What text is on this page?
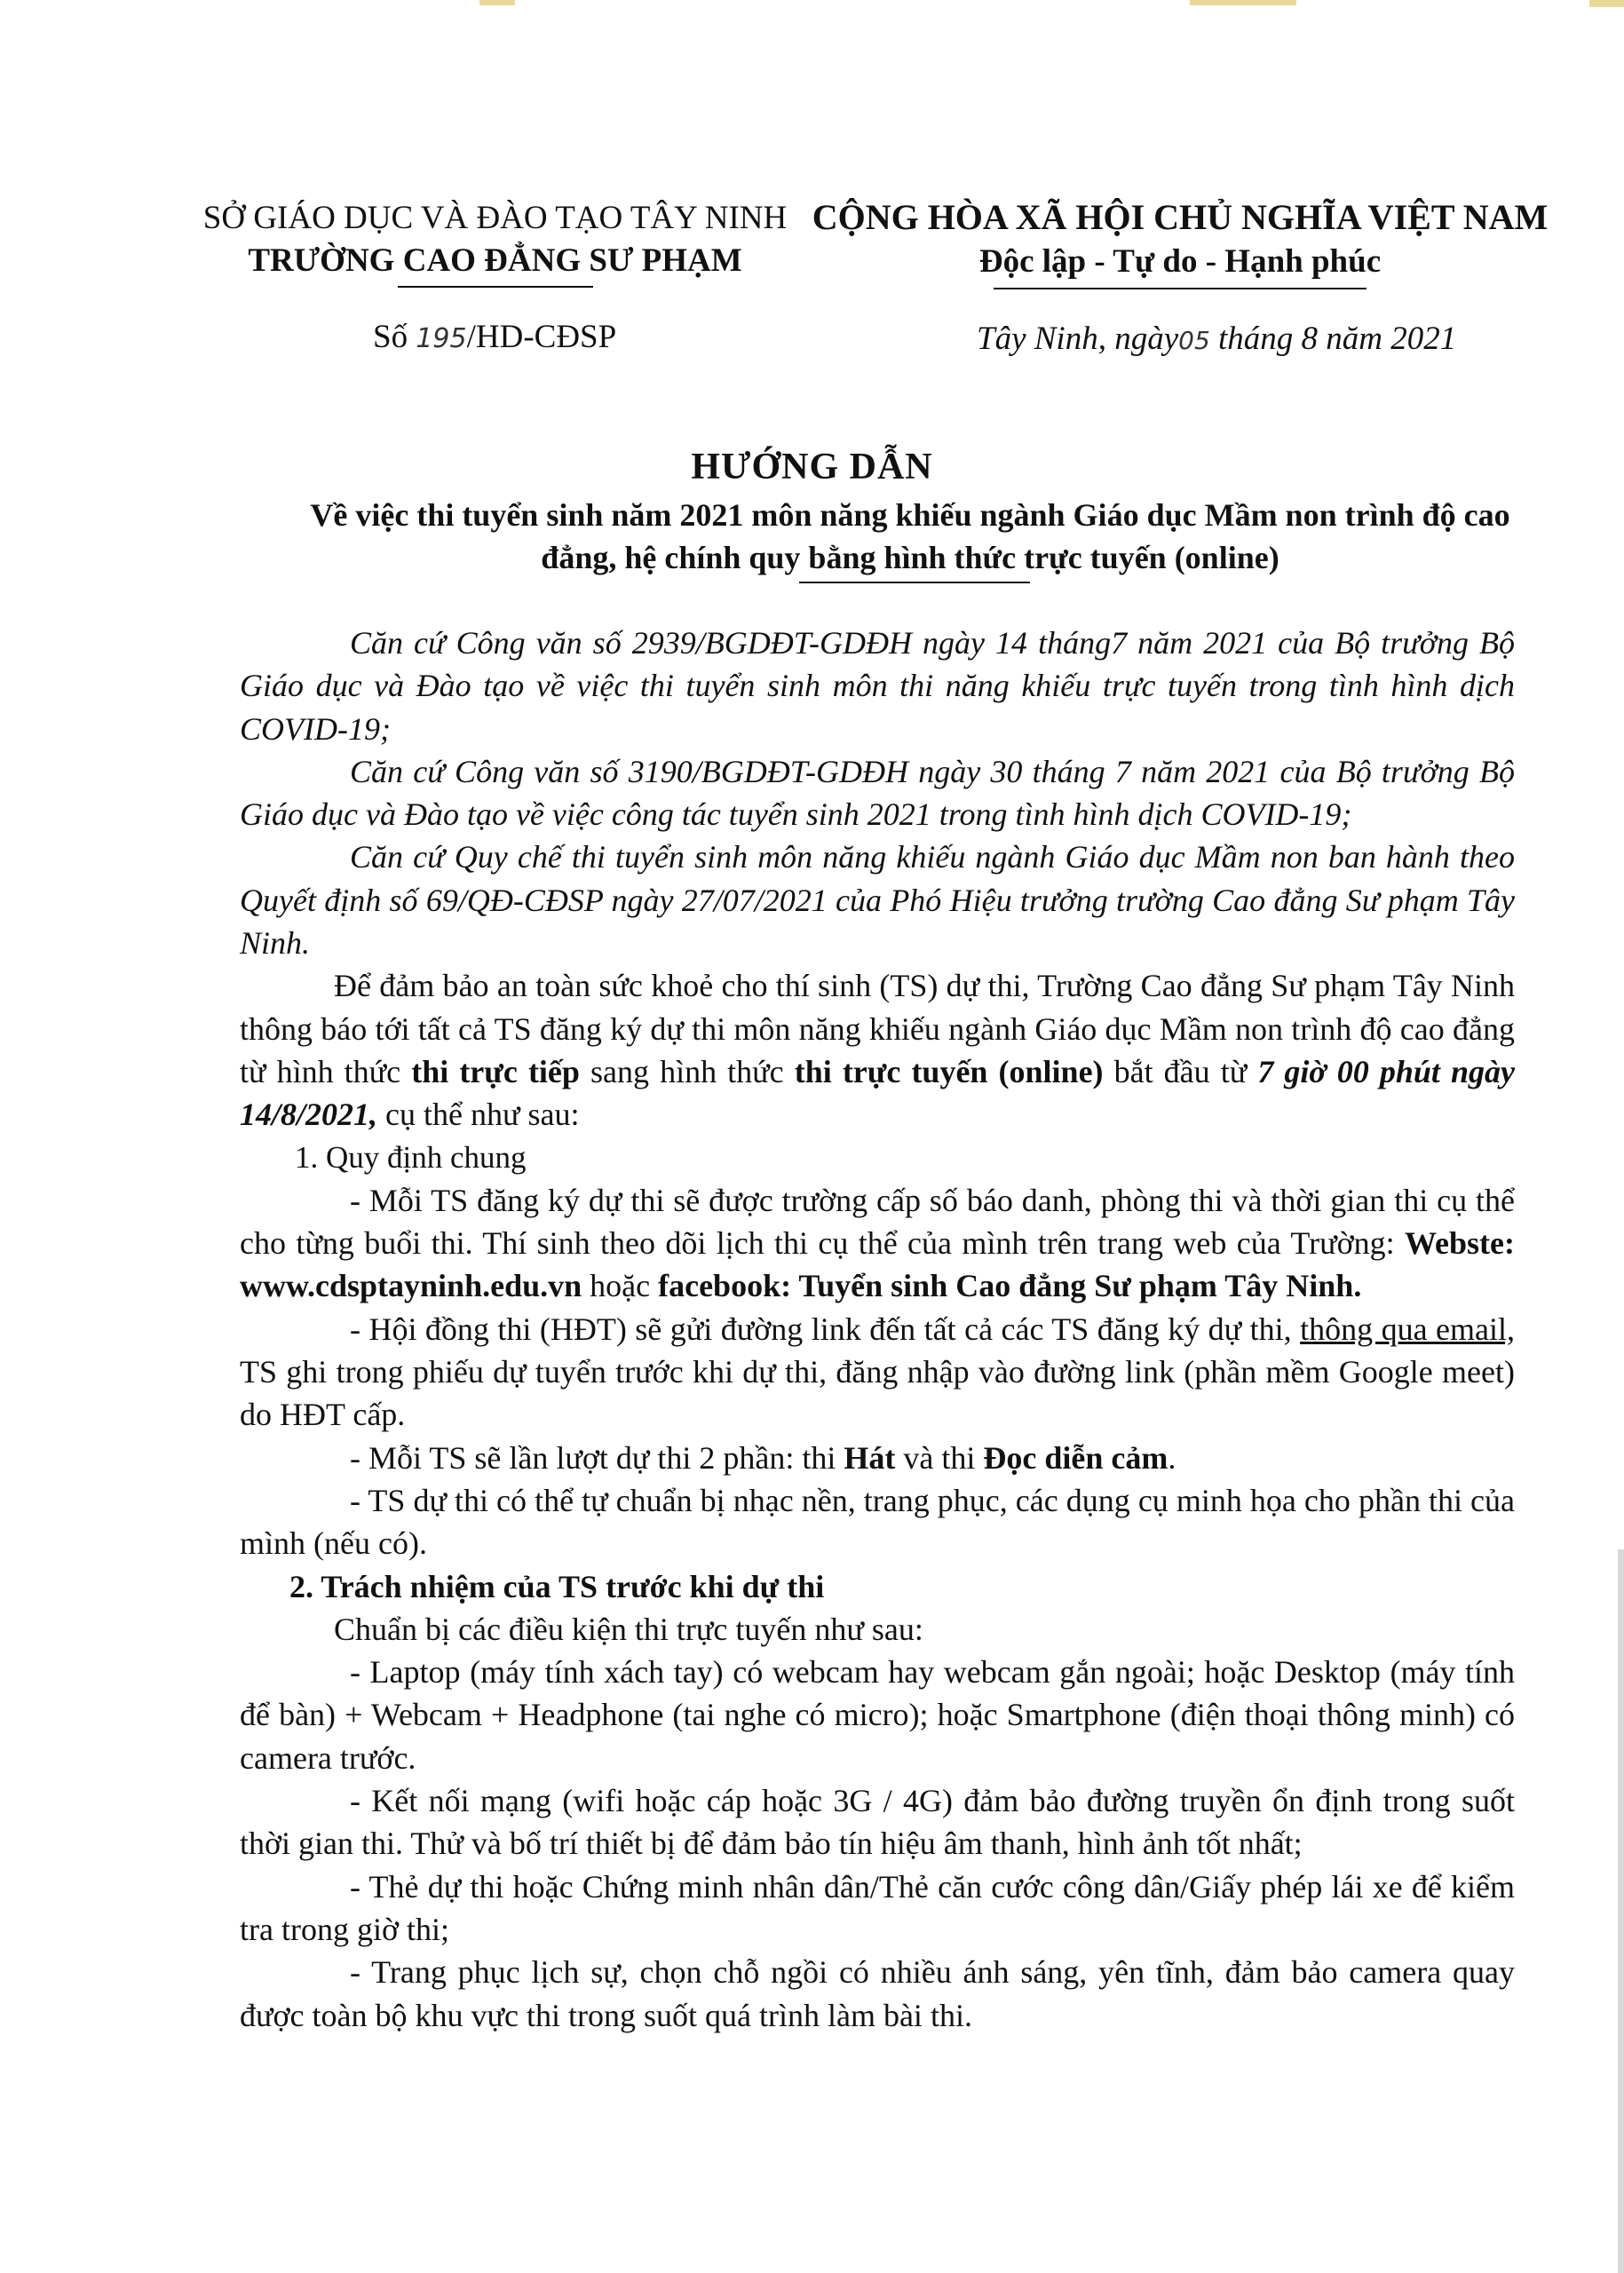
SỞ GIÁO DỤC VÀ ĐÀO TẠO TÂY NINH
TRƯỜNG CAO ĐẲNG SƯ PHẠM
CỘNG HÒA XÃ HỘI CHỦ NGHĨA VIỆT NAM
Độc lập - Tự do - Hạnh phúc
Số 195/HD-CĐSP	Tây Ninh, ngày05 tháng 8 năm 2021
HƯỚNG DẪN
Về việc thi tuyển sinh năm 2021 môn năng khiếu ngành Giáo dục Mầm non trình độ cao đẳng, hệ chính quy bằng hình thức trực tuyến (online)

Căn cứ Công văn số 2939/BGDĐT-GDĐH ngày 14 tháng7 năm 2021 của Bộ trưởng Bộ Giáo dục và Đào tạo về việc thi tuyển sinh môn thi năng khiếu trực tuyến trong tình hình dịch COVID-19;

Căn cứ Công văn số 3190/BGDĐT-GDĐH ngày 30 tháng 7 năm 2021 của Bộ trưởng Bộ Giáo dục và Đào tạo về việc công tác tuyển sinh 2021 trong tình hình dịch COVID-19;

Căn cứ Quy chế thi tuyển sinh môn năng khiếu ngành Giáo dục Mầm non ban hành theo Quyết định số 69/QĐ-CĐSP ngày 27/07/2021 của Phó Hiệu trưởng trường Cao đẳng Sư phạm Tây Ninh.

Để đảm bảo an toàn sức khoẻ cho thí sinh (TS) dự thi, Trường Cao đẳng Sư phạm Tây Ninh thông báo tới tất cả TS đăng ký dự thi môn năng khiếu ngành Giáo dục Mầm non trình độ cao đẳng từ hình thức thi trực tiếp sang hình thức thi trực tuyến (online) bắt đầu từ 7 giờ 00 phút ngày 14/8/2021, cụ thể như sau:

1. Quy định chung

- Mỗi TS đăng ký dự thi sẽ được trường cấp số báo danh, phòng thi và thời gian thi cụ thể cho từng buổi thi. Thí sinh theo dõi lịch thi cụ thể của mình trên trang web của Trường: Webste: www.cdsptayninh.edu.vn hoặc facebook: Tuyển sinh Cao đẳng Sư phạm Tây Ninh.

- Hội đồng thi (HĐT) sẽ gửi đường link đến tất cả các TS đăng ký dự thi, thông qua email, TS ghi trong phiếu dự tuyển trước khi dự thi, đăng nhập vào đường link (phần mềm Google meet) do HĐT cấp.

- Mỗi TS sẽ lần lượt dự thi 2 phần: thi Hát và thi Đọc diễn cảm.

- TS dự thi có thể tự chuẩn bị nhạc nền, trang phục, các dụng cụ minh họa cho phần thi của mình (nếu có).

2. Trách nhiệm của TS trước khi dự thi

Chuẩn bị các điều kiện thi trực tuyến như sau:

- Laptop (máy tính xách tay) có webcam hay webcam gắn ngoài; hoặc Desktop (máy tính để bàn) + Webcam + Headphone (tai nghe có micro); hoặc Smartphone (điện thoại thông minh) có camera trước.

- Kết nối mạng (wifi hoặc cáp hoặc 3G / 4G) đảm bảo đường truyền ổn định trong suốt thời gian thi. Thử và bố trí thiết bị để đảm bảo tín hiệu âm thanh, hình ảnh tốt nhất;

- Thẻ dự thi hoặc Chứng minh nhân dân/Thẻ căn cước công dân/Giấy phép lái xe để kiểm tra trong giờ thi;

- Trang phục lịch sự, chọn chỗ ngồi có nhiều ánh sáng, yên tĩnh, đảm bảo camera quay được toàn bộ khu vực thi trong suốt quá trình làm bài thi.
